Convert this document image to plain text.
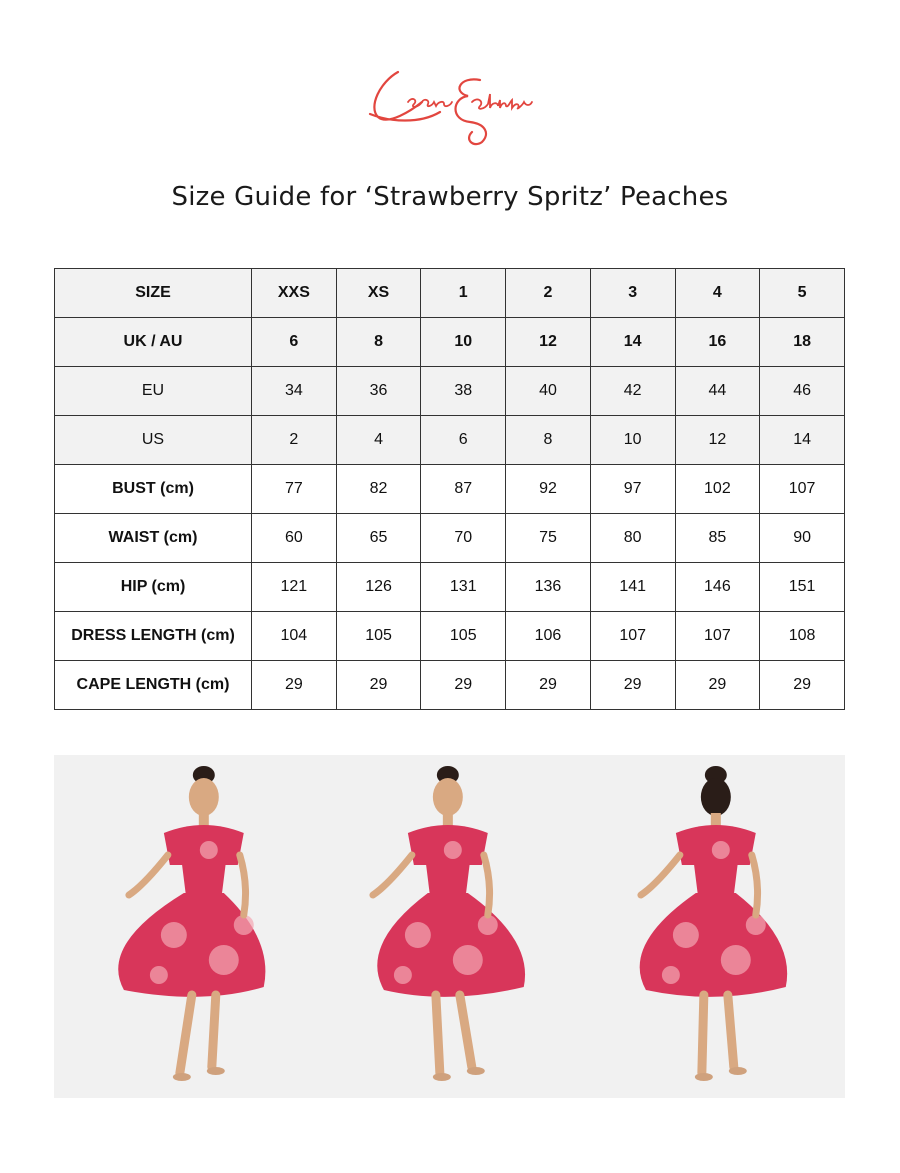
Size Guide for ‘Strawberry Spritz’ Peaches
SIZE	XXS	XS	1	2	3	4	5
UK / AU	6	8	10	12	14	16	18
EU	34	36	38	40	42	44	46
US	2	4	6	8	10	12	14
BUST (cm)	77	82	87	92	97	102	107
WAIST (cm)	60	65	70	75	80	85	90
HIP (cm)	121	126	131	136	141	146	151
DRESS LENGTH (cm)	104	105	105	106	107	107	108
CAPE LENGTH (cm)	29	29	29	29	29	29	29
